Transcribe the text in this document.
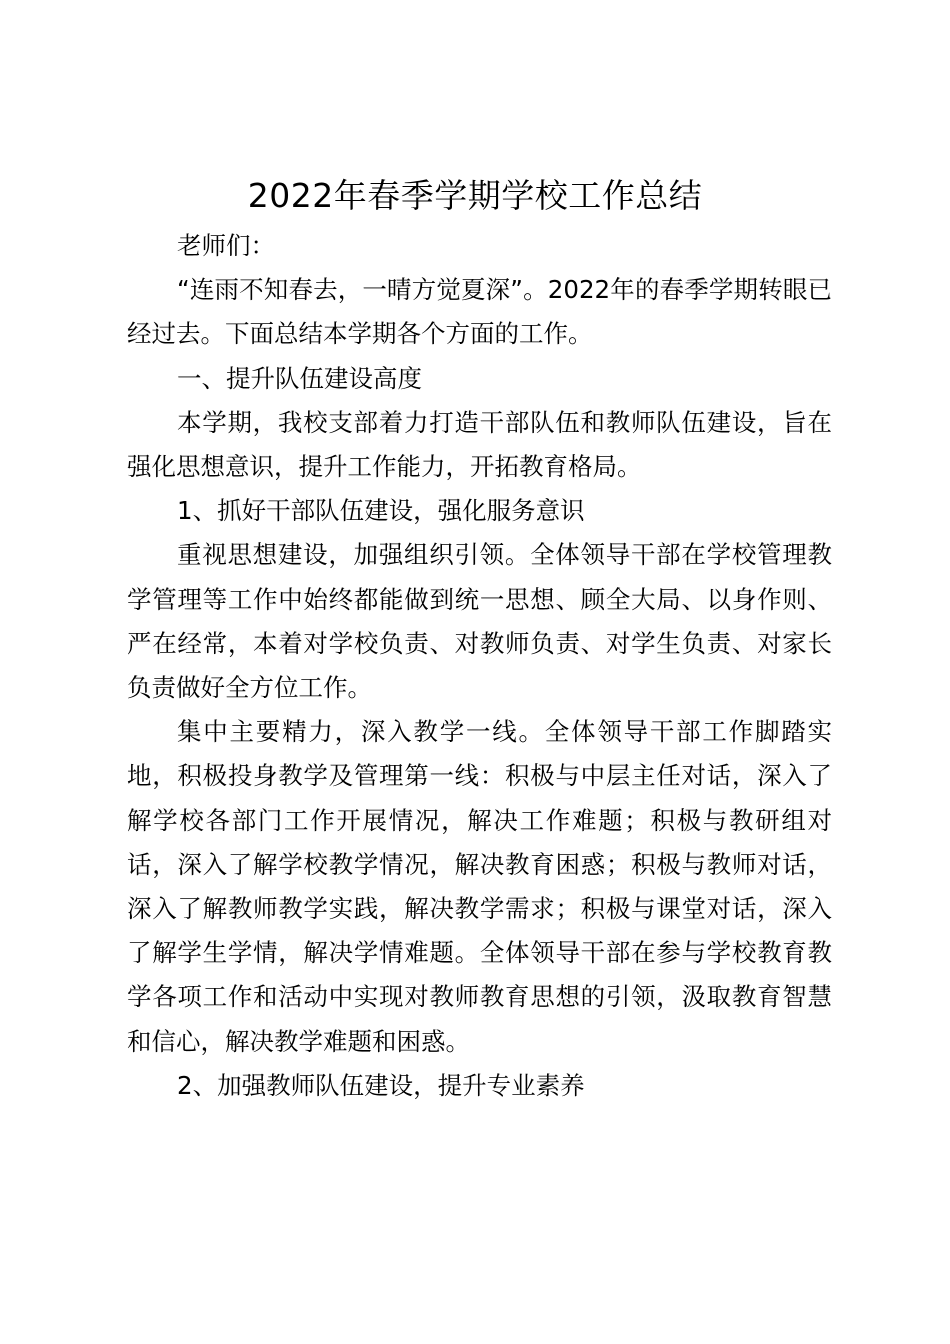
2022年春季学期学校工作总结

老师们：

“连雨不知春去，一晴方觉夏深”。2022年的春季学期转眼已经过去。下面总结本学期各个方面的工作。

一、提升队伍建设高度

本学期，我校支部着力打造干部队伍和教师队伍建设，旨在强化思想意识，提升工作能力，开拓教育格局。

1、抓好干部队伍建设，强化服务意识

重视思想建设，加强组织引领。全体领导干部在学校管理教学管理等工作中始终都能做到统一思想、顾全大局、以身作则、严在经常，本着对学校负责、对教师负责、对学生负责、对家长负责做好全方位工作。

集中主要精力，深入教学一线。全体领导干部工作脚踏实地，积极投身教学及管理第一线：积极与中层主任对话，深入了解学校各部门工作开展情况，解决工作难题；积极与教研组对话，深入了解学校教学情况，解决教育困惑；积极与教师对话，深入了解教师教学实践，解决教学需求；积极与课堂对话，深入了解学生学情，解决学情难题。全体领导干部在参与学校教育教学各项工作和活动中实现对教师教育思想的引领，汲取教育智慧和信心，解决教学难题和困惑。

2、加强教师队伍建设，提升专业素养
